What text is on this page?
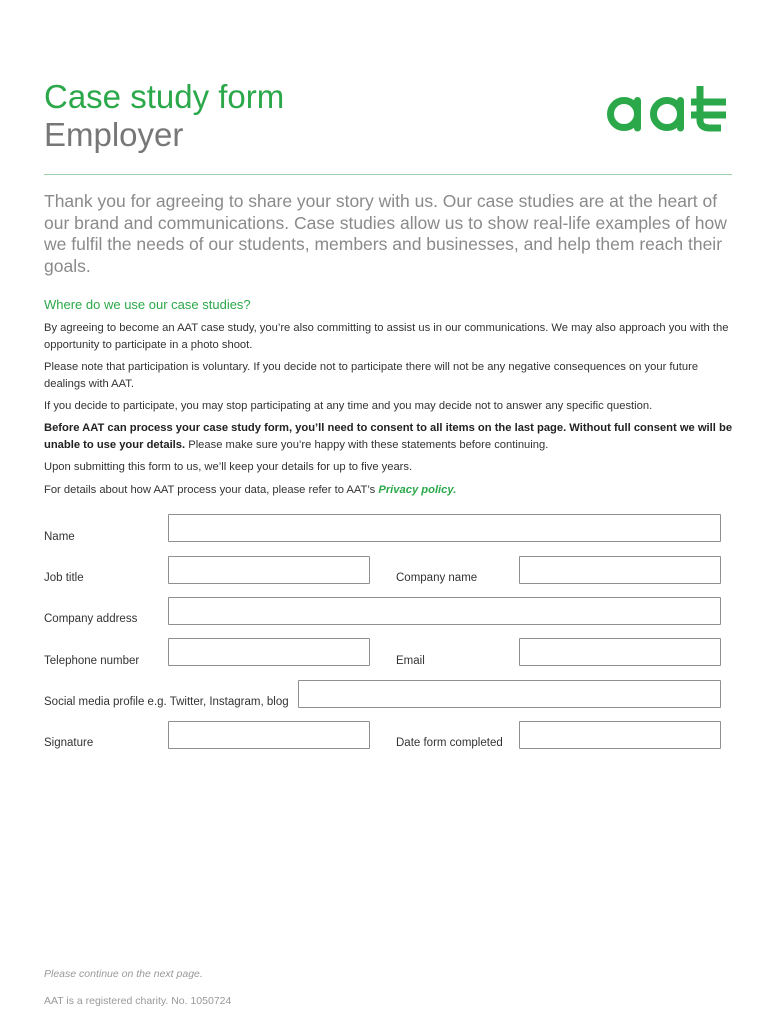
Case study form
Employer
Thank you for agreeing to share your story with us. Our case studies are at the heart of our brand and communications. Case studies allow us to show real-life examples of how we fulfil the needs of our students, members and businesses, and help them reach their goals.
Where do we use our case studies?
By agreeing to become an AAT case study, you’re also committing to assist us in our communications. We may also approach you with the opportunity to participate in a photo shoot.
Please note that participation is voluntary. If you decide not to participate there will not be any negative consequences on your future dealings with AAT.
If you decide to participate, you may stop participating at any time and you may decide not to answer any specific question.
Before AAT can process your case study form, you’ll need to consent to all items on the last page. Without full consent we will be unable to use your details. Please make sure you’re happy with these statements before continuing.
Upon submitting this form to us, we’ll keep your details for up to five years.
For details about how AAT process your data, please refer to AAT’s Privacy policy.
Name
Job title	Company name
Company address
Telephone number	Email
Social media profile e.g. Twitter, Instagram, blog
Signature	Date form completed
Please continue on the next page.
AAT is a registered charity. No. 1050724
